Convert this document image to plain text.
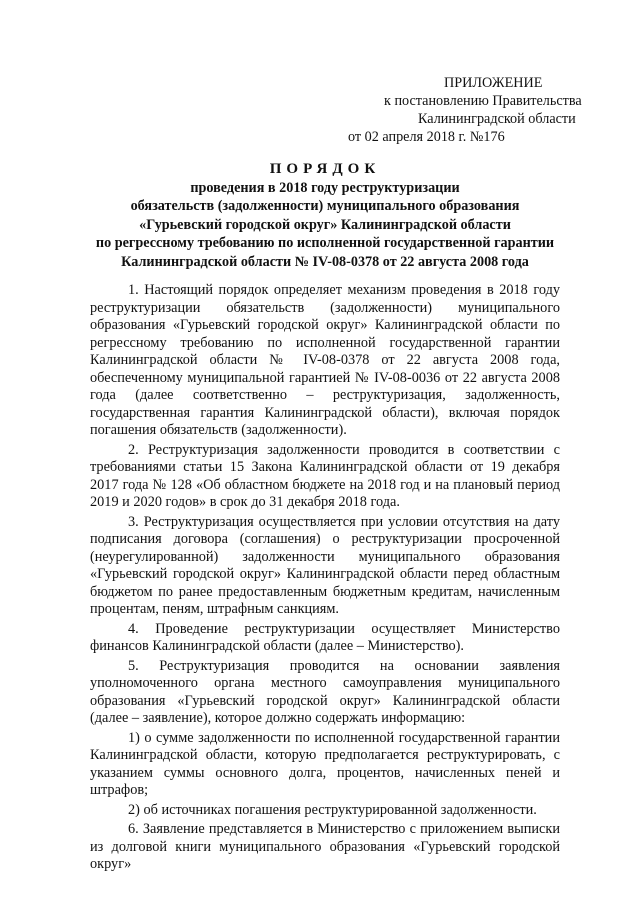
ПРИЛОЖЕНИЕ
к постановлению Правительства
Калининградской области
от 02 апреля 2018 г. №176
ПОРЯДОК
проведения в 2018 году реструктуризации
обязательств (задолженности) муниципального образования
«Гурьевский городской округ» Калининградской области
по регрессному требованию по исполненной государственной гарантии
Калининградской области № IV-08-0378 от 22 августа 2008 года

1. Настоящий порядок определяет механизм проведения в 2018 году реструктуризации обязательств (задолженности) муниципального образования «Гурьевский городской округ» Калининградской области по регрессному требованию по исполненной государственной гарантии Калининградской области № IV-08-0378 от 22 августа 2008 года, обеспеченному муниципальной гарантией № IV-08-0036 от 22 августа 2008 года (далее соответственно – реструктуризация, задолженность, государственная гарантия Калининградской области), включая порядок погашения обязательств (задолженности).

2. Реструктуризация задолженности проводится в соответствии с требованиями статьи 15 Закона Калининградской области от 19 декабря 2017 года № 128 «Об областном бюджете на 2018 год и на плановый период 2019 и 2020 годов» в срок до 31 декабря 2018 года.

3. Реструктуризация осуществляется при условии отсутствия на дату подписания договора (соглашения) о реструктуризации просроченной (неурегулированной) задолженности муниципального образования «Гурьевский городской округ» Калининградской области перед областным бюджетом по ранее предоставленным бюджетным кредитам, начисленным процентам, пеням, штрафным санкциям.

4. Проведение реструктуризации осуществляет Министерство финансов Калининградской области (далее – Министерство).

5. Реструктуризация проводится на основании заявления уполномоченного органа местного самоуправления муниципального образования «Гурьевский городской округ» Калининградской области (далее – заявление), которое должно содержать информацию:

1) о сумме задолженности по исполненной государственной гарантии Калининградской области, которую предполагается реструктурировать, с указанием суммы основного долга, процентов, начисленных пеней и штрафов;

2) об источниках погашения реструктурированной задолженности.

6. Заявление представляется в Министерство с приложением выписки из долговой книги муниципального образования «Гурьевский городской округ»
